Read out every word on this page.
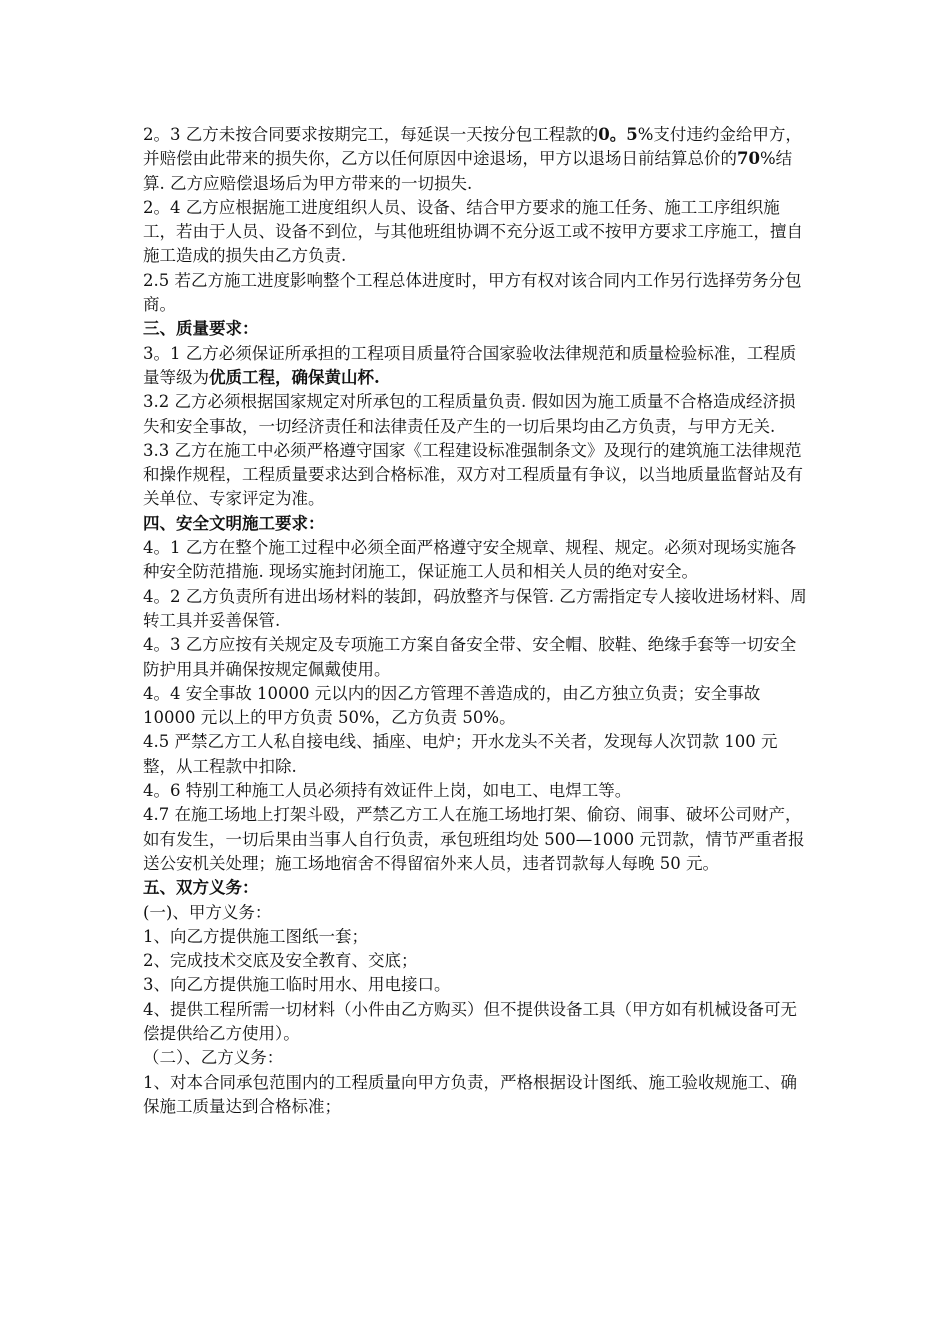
2。3 乙方未按合同要求按期完工，每延误一天按分包工程款的0。5%支付违约金给甲方，并赔偿由此带来的损失你，乙方以任何原因中途退场，甲方以退场日前结算总价的70%结算. 乙方应赔偿退场后为甲方带来的一切损失.

2。4 乙方应根据施工进度组织人员、设备、结合甲方要求的施工任务、施工工序组织施工，若由于人员、设备不到位，与其他班组协调不充分返工或不按甲方要求工序施工，擅自施工造成的损失由乙方负责.

2.5 若乙方施工进度影响整个工程总体进度时，甲方有权对该合同内工作另行选择劳务分包商。

三、质量要求：

3。1 乙方必须保证所承担的工程项目质量符合国家验收法律规范和质量检验标准，工程质量等级为优质工程，确保黄山杯.

3.2 乙方必须根据国家规定对所承包的工程质量负责. 假如因为施工质量不合格造成经济损失和安全事故，一切经济责任和法律责任及产生的一切后果均由乙方负责，与甲方无关.

3.3 乙方在施工中必须严格遵守国家《工程建设标准强制条文》及现行的建筑施工法律规范和操作规程，工程质量要求达到合格标准，双方对工程质量有争议，以当地质量监督站及有关单位、专家评定为准。

四、安全文明施工要求：

4。1 乙方在整个施工过程中必须全面严格遵守安全规章、规程、规定。必须对现场实施各种安全防范措施. 现场实施封闭施工，保证施工人员和相关人员的绝对安全。

4。2 乙方负责所有进出场材料的装卸，码放整齐与保管. 乙方需指定专人接收进场材料、周转工具并妥善保管.

4。3 乙方应按有关规定及专项施工方案自备安全带、安全帽、胶鞋、绝缘手套等一切安全防护用具并确保按规定佩戴使用。

4。4 安全事故 10000 元以内的因乙方管理不善造成的，由乙方独立负责；安全事故 10000 元以上的甲方负责 50%，乙方负责 50%。

4.5 严禁乙方工人私自接电线、插座、电炉；开水龙头不关者，发现每人次罚款 100 元整，从工程款中扣除.

4。6 特别工种施工人员必须持有效证件上岗，如电工、电焊工等。

4.7 在施工场地上打架斗殴，严禁乙方工人在施工场地打架、偷窃、闹事、破坏公司财产，如有发生，一切后果由当事人自行负责，承包班组均处 500—1000 元罚款，情节严重者报送公安机关处理；施工场地宿舍不得留宿外来人员，违者罚款每人每晚 50 元。

五、双方义务：

(一)、甲方义务：

1、向乙方提供施工图纸一套；

2、完成技术交底及安全教育、交底；

3、向乙方提供施工临时用水、用电接口。

4、提供工程所需一切材料（小件由乙方购买）但不提供设备工具（甲方如有机械设备可无偿提供给乙方使用）。

（二）、乙方义务：

1、对本合同承包范围内的工程质量向甲方负责，严格根据设计图纸、施工验收规施工、确保施工质量达到合格标准；
